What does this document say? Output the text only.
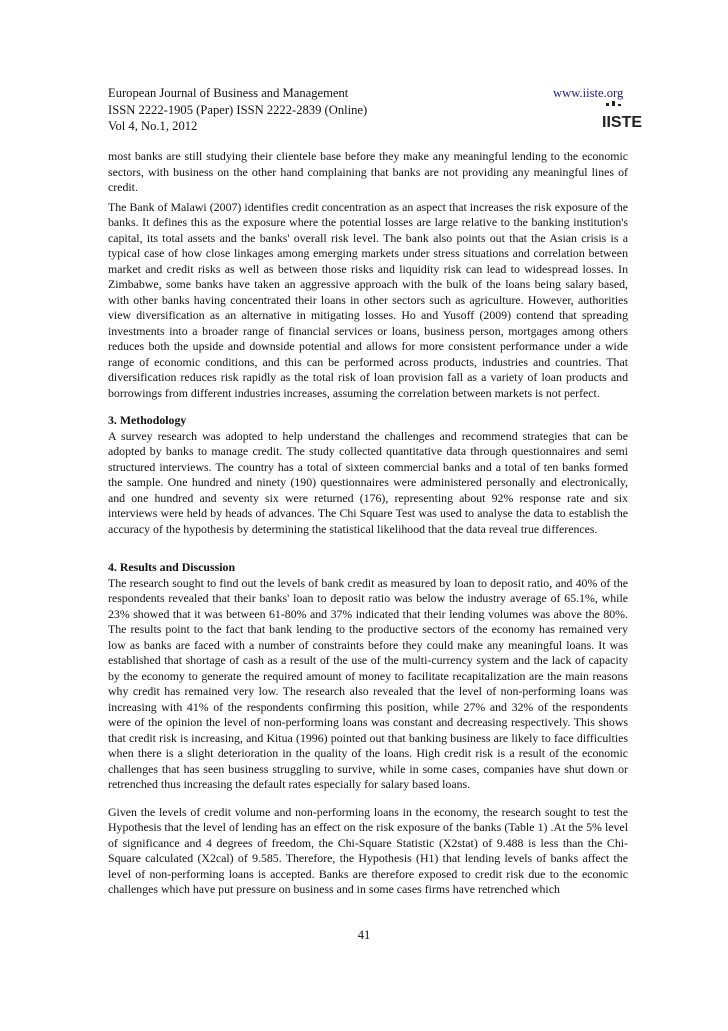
European Journal of Business and Management
ISSN 2222-1905 (Paper) ISSN 2222-2839 (Online)
Vol 4, No.1, 2012
www.iiste.org
IISTE

most banks are still studying their clientele base before they make any meaningful lending to the economic sectors, with business on the other hand complaining that banks are not providing any meaningful lines of credit.

The Bank of Malawi (2007) identifies credit concentration as an aspect that increases the risk exposure of the banks. It defines this as the exposure where the potential losses are large relative to the banking institution's capital, its total assets and the banks' overall risk level. The bank also points out that the Asian crisis is a typical case of how close linkages among emerging markets under stress situations and correlation between market and credit risks as well as between those risks and liquidity risk can lead to widespread losses. In Zimbabwe, some banks have taken an aggressive approach with the bulk of the loans being salary based, with other banks having concentrated their loans in other sectors such as agriculture. However, authorities view diversification as an alternative in mitigating losses. Ho and Yusoff (2009) contend that spreading investments into a broader range of financial services or loans, business person, mortgages among others reduces both the upside and downside potential and allows for more consistent performance under a wide range of economic conditions, and this can be performed across products, industries and countries. That diversification reduces risk rapidly as the total risk of loan provision fall as a variety of loan products and borrowings from different industries increases, assuming the correlation between markets is not perfect.

3. Methodology

A survey research was adopted to help understand the challenges and recommend strategies that can be adopted by banks to manage credit. The study collected quantitative data through questionnaires and semi structured interviews. The country has a total of sixteen commercial banks and a total of ten banks formed the sample. One hundred and ninety (190) questionnaires were administered personally and electronically, and one hundred and seventy six were returned (176), representing about 92% response rate and six interviews were held by heads of advances. The Chi Square Test was used to analyse the data to establish the accuracy of the hypothesis by determining the statistical likelihood that the data reveal true differences.

4. Results and Discussion

The research sought to find out the levels of bank credit as measured by loan to deposit ratio, and 40% of the respondents revealed that their banks' loan to deposit ratio was below the industry average of 65.1%, while 23% showed that it was between 61-80% and 37% indicated that their lending volumes was above the 80%. The results point to the fact that bank lending to the productive sectors of the economy has remained very low as banks are faced with a number of constraints before they could make any meaningful loans. It was established that shortage of cash as a result of the use of the multi-currency system and the lack of capacity by the economy to generate the required amount of money to facilitate recapitalization are the main reasons why credit has remained very low. The research also revealed that the level of non-performing loans was increasing with 41% of the respondents confirming this position, while 27% and 32% of the respondents were of the opinion the level of non-performing loans was constant and decreasing respectively. This shows that credit risk is increasing, and Kitua (1996) pointed out that banking business are likely to face difficulties when there is a slight deterioration in the quality of the loans. High credit risk is a result of the economic challenges that has seen business struggling to survive, while in some cases, companies have shut down or retrenched thus increasing the default rates especially for salary based loans.

Given the levels of credit volume and non-performing loans in the economy, the research sought to test the Hypothesis that the level of lending has an effect on the risk exposure of the banks (Table 1) .At the 5% level of significance and 4 degrees of freedom, the Chi-Square Statistic (X2stat) of 9.488 is less than the Chi-Square calculated (X2cal) of 9.585. Therefore, the Hypothesis (H1) that lending levels of banks affect the level of non-performing loans is accepted. Banks are therefore exposed to credit risk due to the economic challenges which have put pressure on business and in some cases firms have retrenched which

41
